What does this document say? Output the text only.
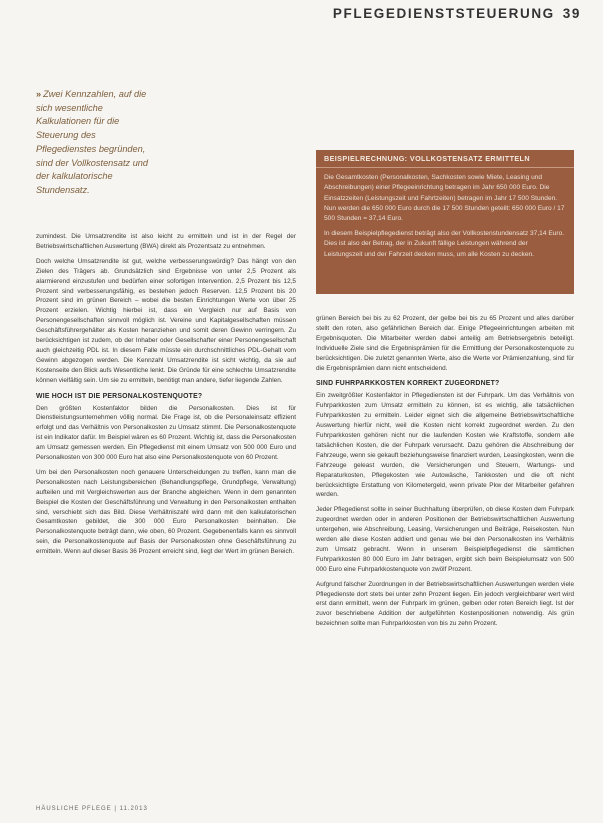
PFLEGEDIENSTSTEUERUNG 39
» Zwei Kennzahlen, auf die sich wesentliche Kalkulationen für die Steuerung des Pflegedienstes begründen, sind der Vollkostensatz und der kalkulatorische Stundensatz.
BEISPIELRECHNUNG: VOLLKOSTENSATZ ERMITTELN

Die Gesamtkosten (Personalkosten, Sachkosten sowie Miete, Leasing und Abschreibungen) einer Pflegeeinrichtung betragen im Jahr 650 000 Euro. Die Einsatzzeiten (Leistungszeit und Fahrtzeiten) betragen im Jahr 17 500 Stunden. Nun werden die 650 000 Euro durch die 17 500 Stunden geteilt: 650 000 Euro / 17 500 Stunden = 37,14 Euro.

In diesem Beispielpflegedienst beträgt also der Vollkostenstundensatz 37,14 Euro. Dies ist also der Betrag, der in Zukunft fällige Leistungen während der Leistungszeit und der Fahrzeit decken muss, um alle Kosten zu decken.

zumindest. Die Umsatzrendite ist also leicht zu ermitteln und ist in der Regel der Betriebswirtschaftlichen Auswertung (BWA) direkt als Prozentsatz zu entnehmen.

Doch welche Umsatzrendite ist gut, welche verbesserungswürdig? Das hängt von den Zielen des Trägers ab. Grundsätzlich sind Ergebnisse von unter 2,5 Prozent als alarmierend einzustufen und bedürfen einer sofortigen Intervention. 2,5 Prozent bis 12,5 Prozent sind verbesserungsfähig, es bestehen jedoch Reserven. 12,5 Prozent bis 20 Prozent sind im grünen Bereich – wobei die besten Einrichtungen Werte von über 25 Prozent erzielen. Wichtig hierbei ist, dass ein Vergleich nur auf Basis von Personengesellschaften sinnvoll möglich ist. Vereine und Kapitalgesellschaften müssen Geschäftsführergehälter als Kosten heranziehen und somit deren Gewinn verringern. Zu berücksichtigen ist zudem, ob der Inhaber oder Gesellschafter einer Personengesellschaft auch gleichzeitig PDL ist. In diesem Falle müsste ein durchschnittliches PDL-Gehalt vom Gewinn abgezogen werden. Die Kennzahl Umsatzrendite ist sicht wichtig, da sie auf Kostenseite den Blick aufs Wesentliche lenkt. Die Gründe für eine schlechte Umsatzrendite können vielfältig sein. Um sie zu ermitteln, benötigt man andere, tiefer liegende Zahlen.

WIE HOCH IST DIE PERSONALKOSTENQUOTE?

Den größten Kostenfaktor bilden die Personalkosten. Dies ist für Dienstleistungsunternehmen völlig normal. Die Frage ist, ob die Personaleinsatz effizient erfolgt und das Verhältnis von Personalkosten zu Umsatz stimmt. Die Personalkostenquote ist ein Indikator dafür. Im Beispiel wären es 60 Prozent. Wichtig ist, dass die Personalkosten am Umsatz gemessen werden. Ein Pflegedienst mit einem Umsatz von 500 000 Euro und Personalkosten von 300 000 Euro hat also eine Personalkostenquote von 60 Prozent.

Um bei den Personalkosten noch genauere Unterscheidungen zu treffen, kann man die Personalkosten nach Leistungsbereichen (Behandlungspflege, Grundpflege, Verwaltung) aufteilen und mit Vergleichswerten aus der Branche abgleichen. Wenn in dem genannten Beispiel die Kosten der Geschäftsführung und Verwaltung in den Personalkosten enthalten sind, verschiebt sich das Bild. Diese Verhältniszahl wird dann mit den kalkulatorischen Gesamtkosten gebildet, die 300 000 Euro Personalkosten beinhalten. Die Personalkostenquote beträgt dann, wie oben, 60 Prozent. Gegebenenfalls kann es sinnvoll sein, die Personalkostenquote auf Basis der Personalkosten ohne Geschäftsführung zu ermitteln. Wenn auf dieser Basis 36 Prozent erreicht sind, liegt der Wert im grünen Bereich.

grünen Bereich bei bis zu 62 Prozent, der gelbe bei bis zu 65 Prozent und alles darüber stellt den roten, also gefährlichen Bereich dar. Einige Pflegeeinrichtungen arbeiten mit Ergebnisquoten. Die Mitarbeiter werden dabei anteilig am Betriebsergebnis beteiligt. Individuelle Ziele sind die Ergebnisprämien für die Ermittlung der Personalkostenquote zu berücksichtigen. Die zuletzt genannten Werte, also die Werte vor Prämienzahlung, sind für die Ergebnisprämien dann nicht entscheidend.

SIND FUHRPARKKOSTEN KORREKT ZUGEORDNET?

Ein zweitgrößter Kostenfaktor in Pflegediensten ist der Fuhrpark. Um das Verhältnis von Fuhrparkkosten zum Umsatz ermitteln zu können, ist es wichtig, alle tatsächlichen Fuhrparkkosten zu ermitteln. Leider eignet sich die allgemeine Betriebswirtschaftliche Auswertung hierfür nicht, weil die Kosten nicht korrekt zugeordnet werden. Zu den Fuhrparkkosten gehören nicht nur die laufenden Kosten wie Kraftstoffe, sondern alle tatsächlichen Kosten, die der Fuhrpark verursacht. Dazu gehören die Abschreibung der Fahrzeuge, wenn sie gekauft beziehungsweise finanziert wurden, Leasingkosten, wenn die Fahrzeuge geleast wurden, die Versicherungen und Steuern, Wartungs- und Reparaturkosten, Pflegekosten wie Autowäsche, Tankkosten und die oft nicht berücksichtigte Erstattung von Kilometergeld, wenn private Pkw der Mitarbeiter gefahren werden.

Jeder Pflegedienst sollte in seiner Buchhaltung überprüfen, ob diese Kosten dem Fuhrpark zugeordnet werden oder in anderen Positionen der Betriebswirtschaftlichen Auswertung untergehen, wie Abschreibung, Leasing, Versicherungen und Beiträge, Reisekosten. Nun werden alle diese Kosten addiert und genau wie bei den Personalkosten ins Verhältnis zum Umsatz gebracht. Wenn in unserem Beispielpflegedienst die sämtlichen Fuhrparkkosten 80 000 Euro im Jahr betragen, ergibt sich beim Beispielumsatz von 500 000 Euro eine Fuhrparkkostenquote von zwölf Prozent.

Aufgrund falscher Zuordnungen in der Betriebswirtschaftlichen Auswertungen werden viele Pflegedienste dort stets bei unter zehn Prozent liegen. Ein jedoch vergleichbarer wert wird erst dann ermittelt, wenn der Fuhrpark im grünen, gelben oder roten Bereich liegt. Ist der zuvor beschriebene Addition der aufgeführten Kostenpositionen notwendig. Als grün bezeichnen sollte man Fuhrparkkosten von bis zu zehn Prozent.

HÄUSLICHE PFLEGE | 11.2013
